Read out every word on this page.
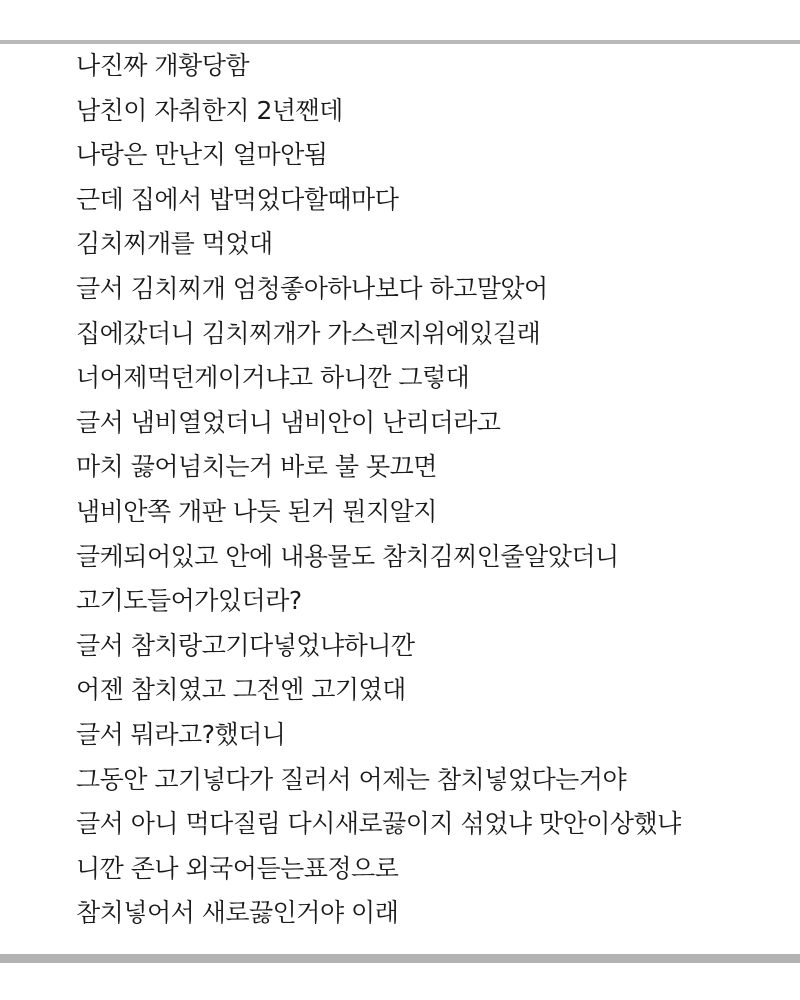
나진짜 개황당함
남친이 자취한지 2년짼데
나랑은 만난지 얼마안됨
근데 집에서 밥먹었다할때마다
김치찌개를 먹었대
글서 김치찌개 엄청좋아하나보다 하고말았어
집에갔더니 김치찌개가 가스렌지위에있길래
너어제먹던게이거냐고 하니깐 그렇대
글서 냄비열었더니 냄비안이 난리더라고
마치 끓어넘치는거 바로 불 못끄면
냄비안쪽 개판 나듯 된거 뭔지알지
글케되어있고 안에 내용물도 참치김찌인줄알았더니
고기도들어가있더라?
글서 참치랑고기다넣었냐하니깐
어젠 참치였고 그전엔 고기였대
글서 뭐라고?했더니
그동안 고기넣다가 질러서 어제는 참치넣었다는거야
글서 아니 먹다질림 다시새로끓이지 섞었냐 맛안이상했냐
니깐 존나 외국어듣는표정으로
참치넣어서 새로끓인거야 이래
